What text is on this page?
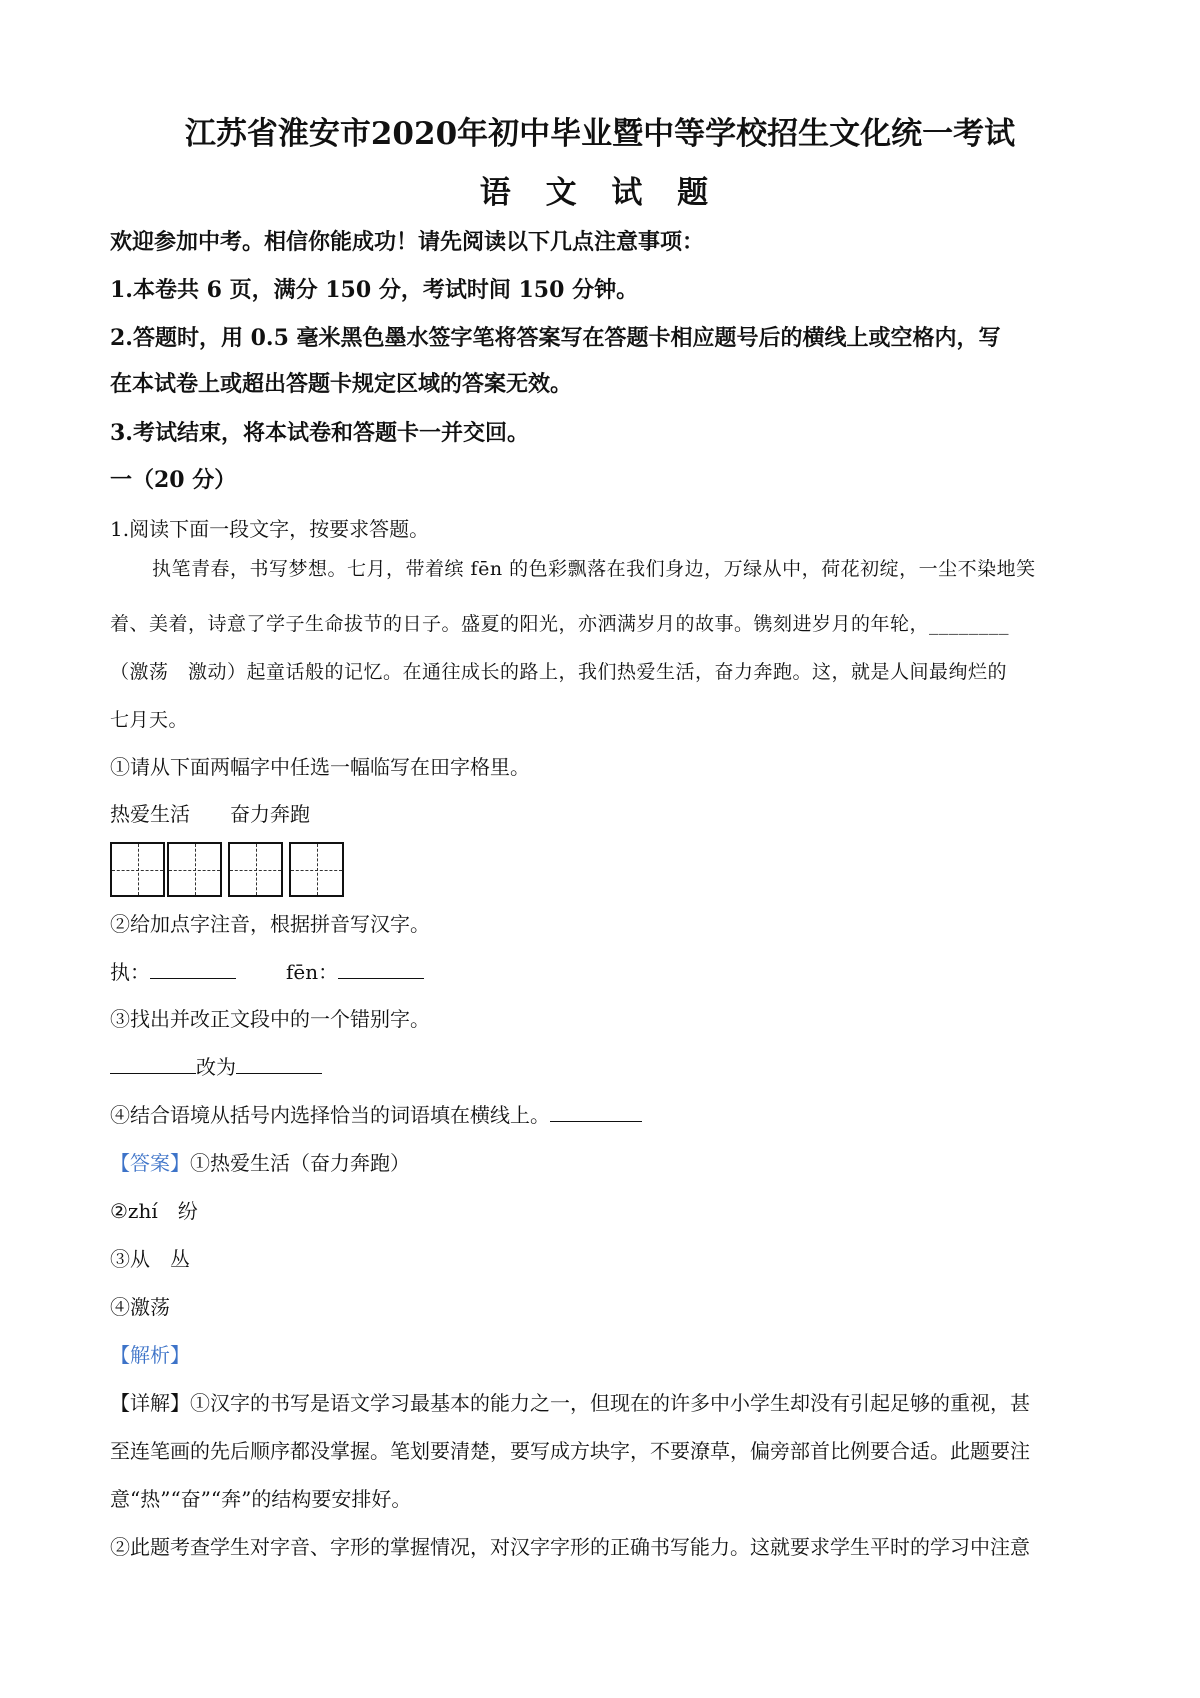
江苏省淮安市2020年初中毕业暨中等学校招生文化统一考试
语 文 试 题
欢迎参加中考。相信你能成功！请先阅读以下几点注意事项：
1.本卷共 6 页，满分 150 分，考试时间 150 分钟。
2.答题时，用 0.5 毫米黑色墨水签字笔将答案写在答题卡相应题号后的横线上或空格内，写
在本试卷上或超出答题卡规定区域的答案无效。
3.考试结束，将本试卷和答题卡一并交回。
一（20 分）
1.阅读下面一段文字，按要求答题。
执笔青春，书写梦想。七月，带着缤 fēn 的色彩飘落在我们身边，万绿从中，荷花初绽，一尘不染地笑
着、美着，诗意了学子生命拔节的日子。盛夏的阳光，亦洒满岁月的故事。镌刻进岁月的年轮，________
（激荡　激动）起童话般的记忆。在通往成长的路上，我们热爱生活，奋力奔跑。这，就是人间最绚烂的
七月天。
①请从下面两幅字中任选一幅临写在田字格里。
热爱生活　　奋力奔跑
②给加点字注音，根据拼音写汉字。
执：	fēn：
③找出并改正文段中的一个错别字。
改为
④结合语境从括号内选择恰当的词语填在横线上。
【答案】①热爱生活（奋力奔跑）
②zhí　纷
③从　丛
④激荡
【解析】
【详解】①汉字的书写是语文学习最基本的能力之一，但现在的许多中小学生却没有引起足够的重视，甚
至连笔画的先后顺序都没掌握。笔划要清楚，要写成方块字，不要潦草，偏旁部首比例要合适。此题要注
意“热”“奋”“奔”的结构要安排好。
②此题考查学生对字音、字形的掌握情况，对汉字字形的正确书写能力。这就要求学生平时的学习中注意
